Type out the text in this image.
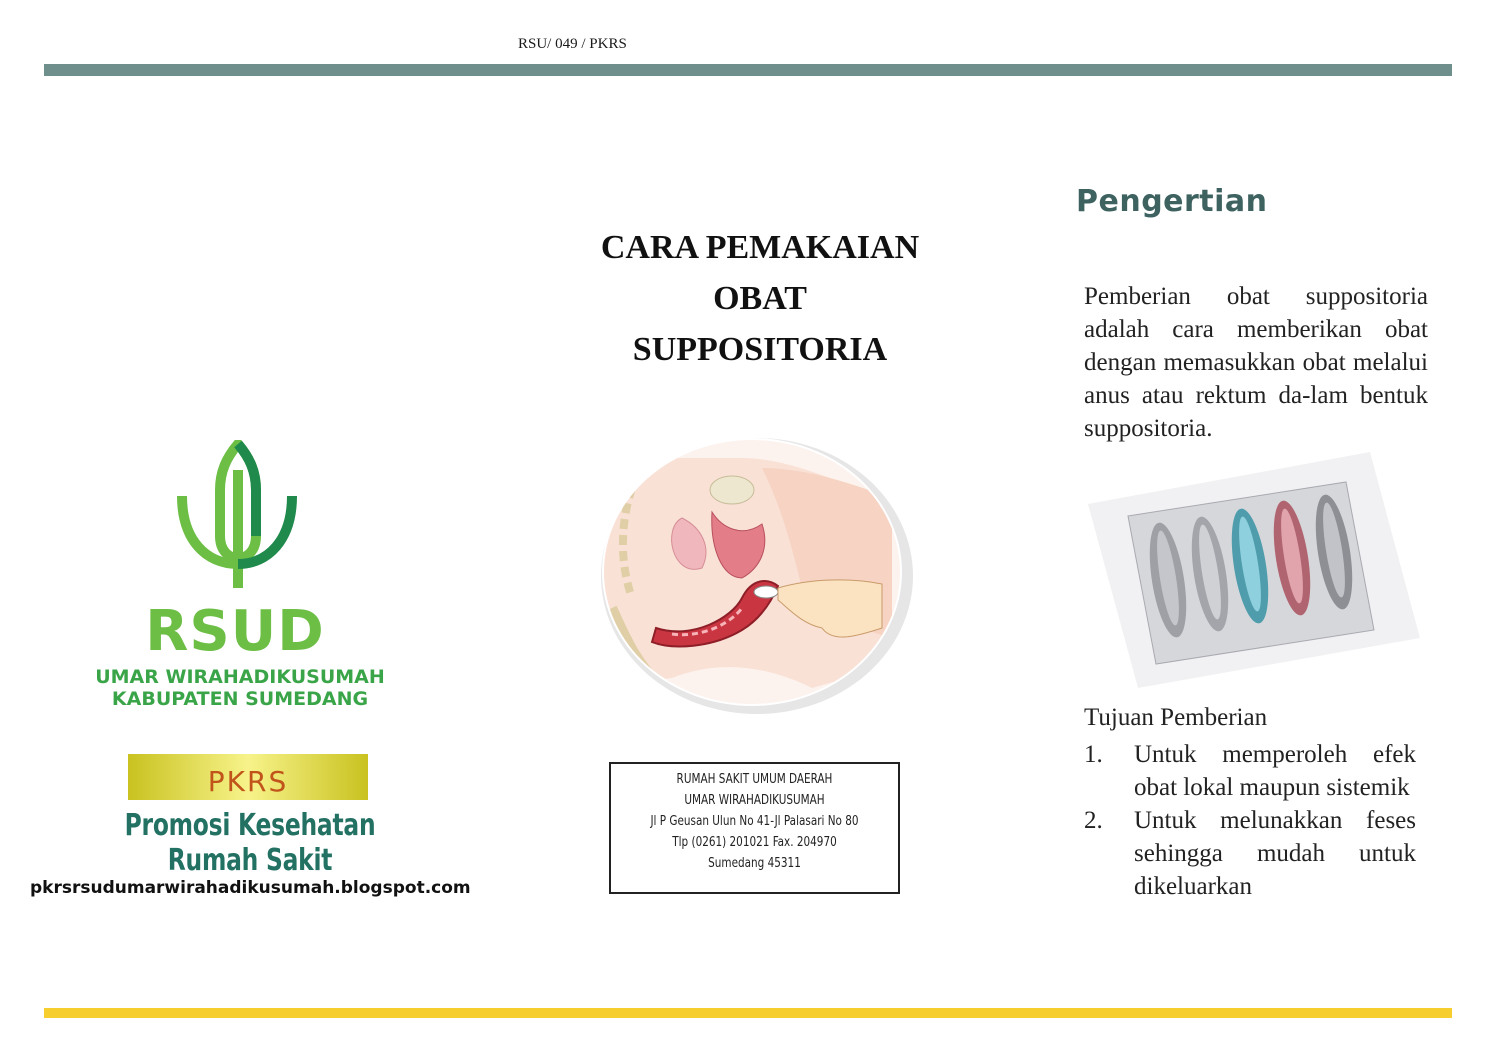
RSU/ 049 / PKRS
RSUD
UMAR WIRAHADIKUSUMAH
KABUPATEN SUMEDANG
PKRS
Promosi Kesehatan Rumah Sakit
pkrsrsudumarwirahadikusumah.blogspot.com
CARA PEMAKAIAN
OBAT
SUPPOSITORIA
RUMAH SAKIT UMUM DAERAH
UMAR WIRAHADIKUSUMAH
Jl P Geusan Ulun No 41-Jl Palasari No 80
Tlp (0261) 201021 Fax. 204970
Sumedang 45311
Pengertian
Pemberian obat suppositoria adalah cara memberikan obat dengan memasukkan obat melalui anus atau rektum da-lam bentuk suppositoria.
Tujuan Pemberian
1. Untuk memperoleh efek obat lokal maupun sistemik
2. Untuk melunakkan feses sehingga mudah untuk dikeluarkan
